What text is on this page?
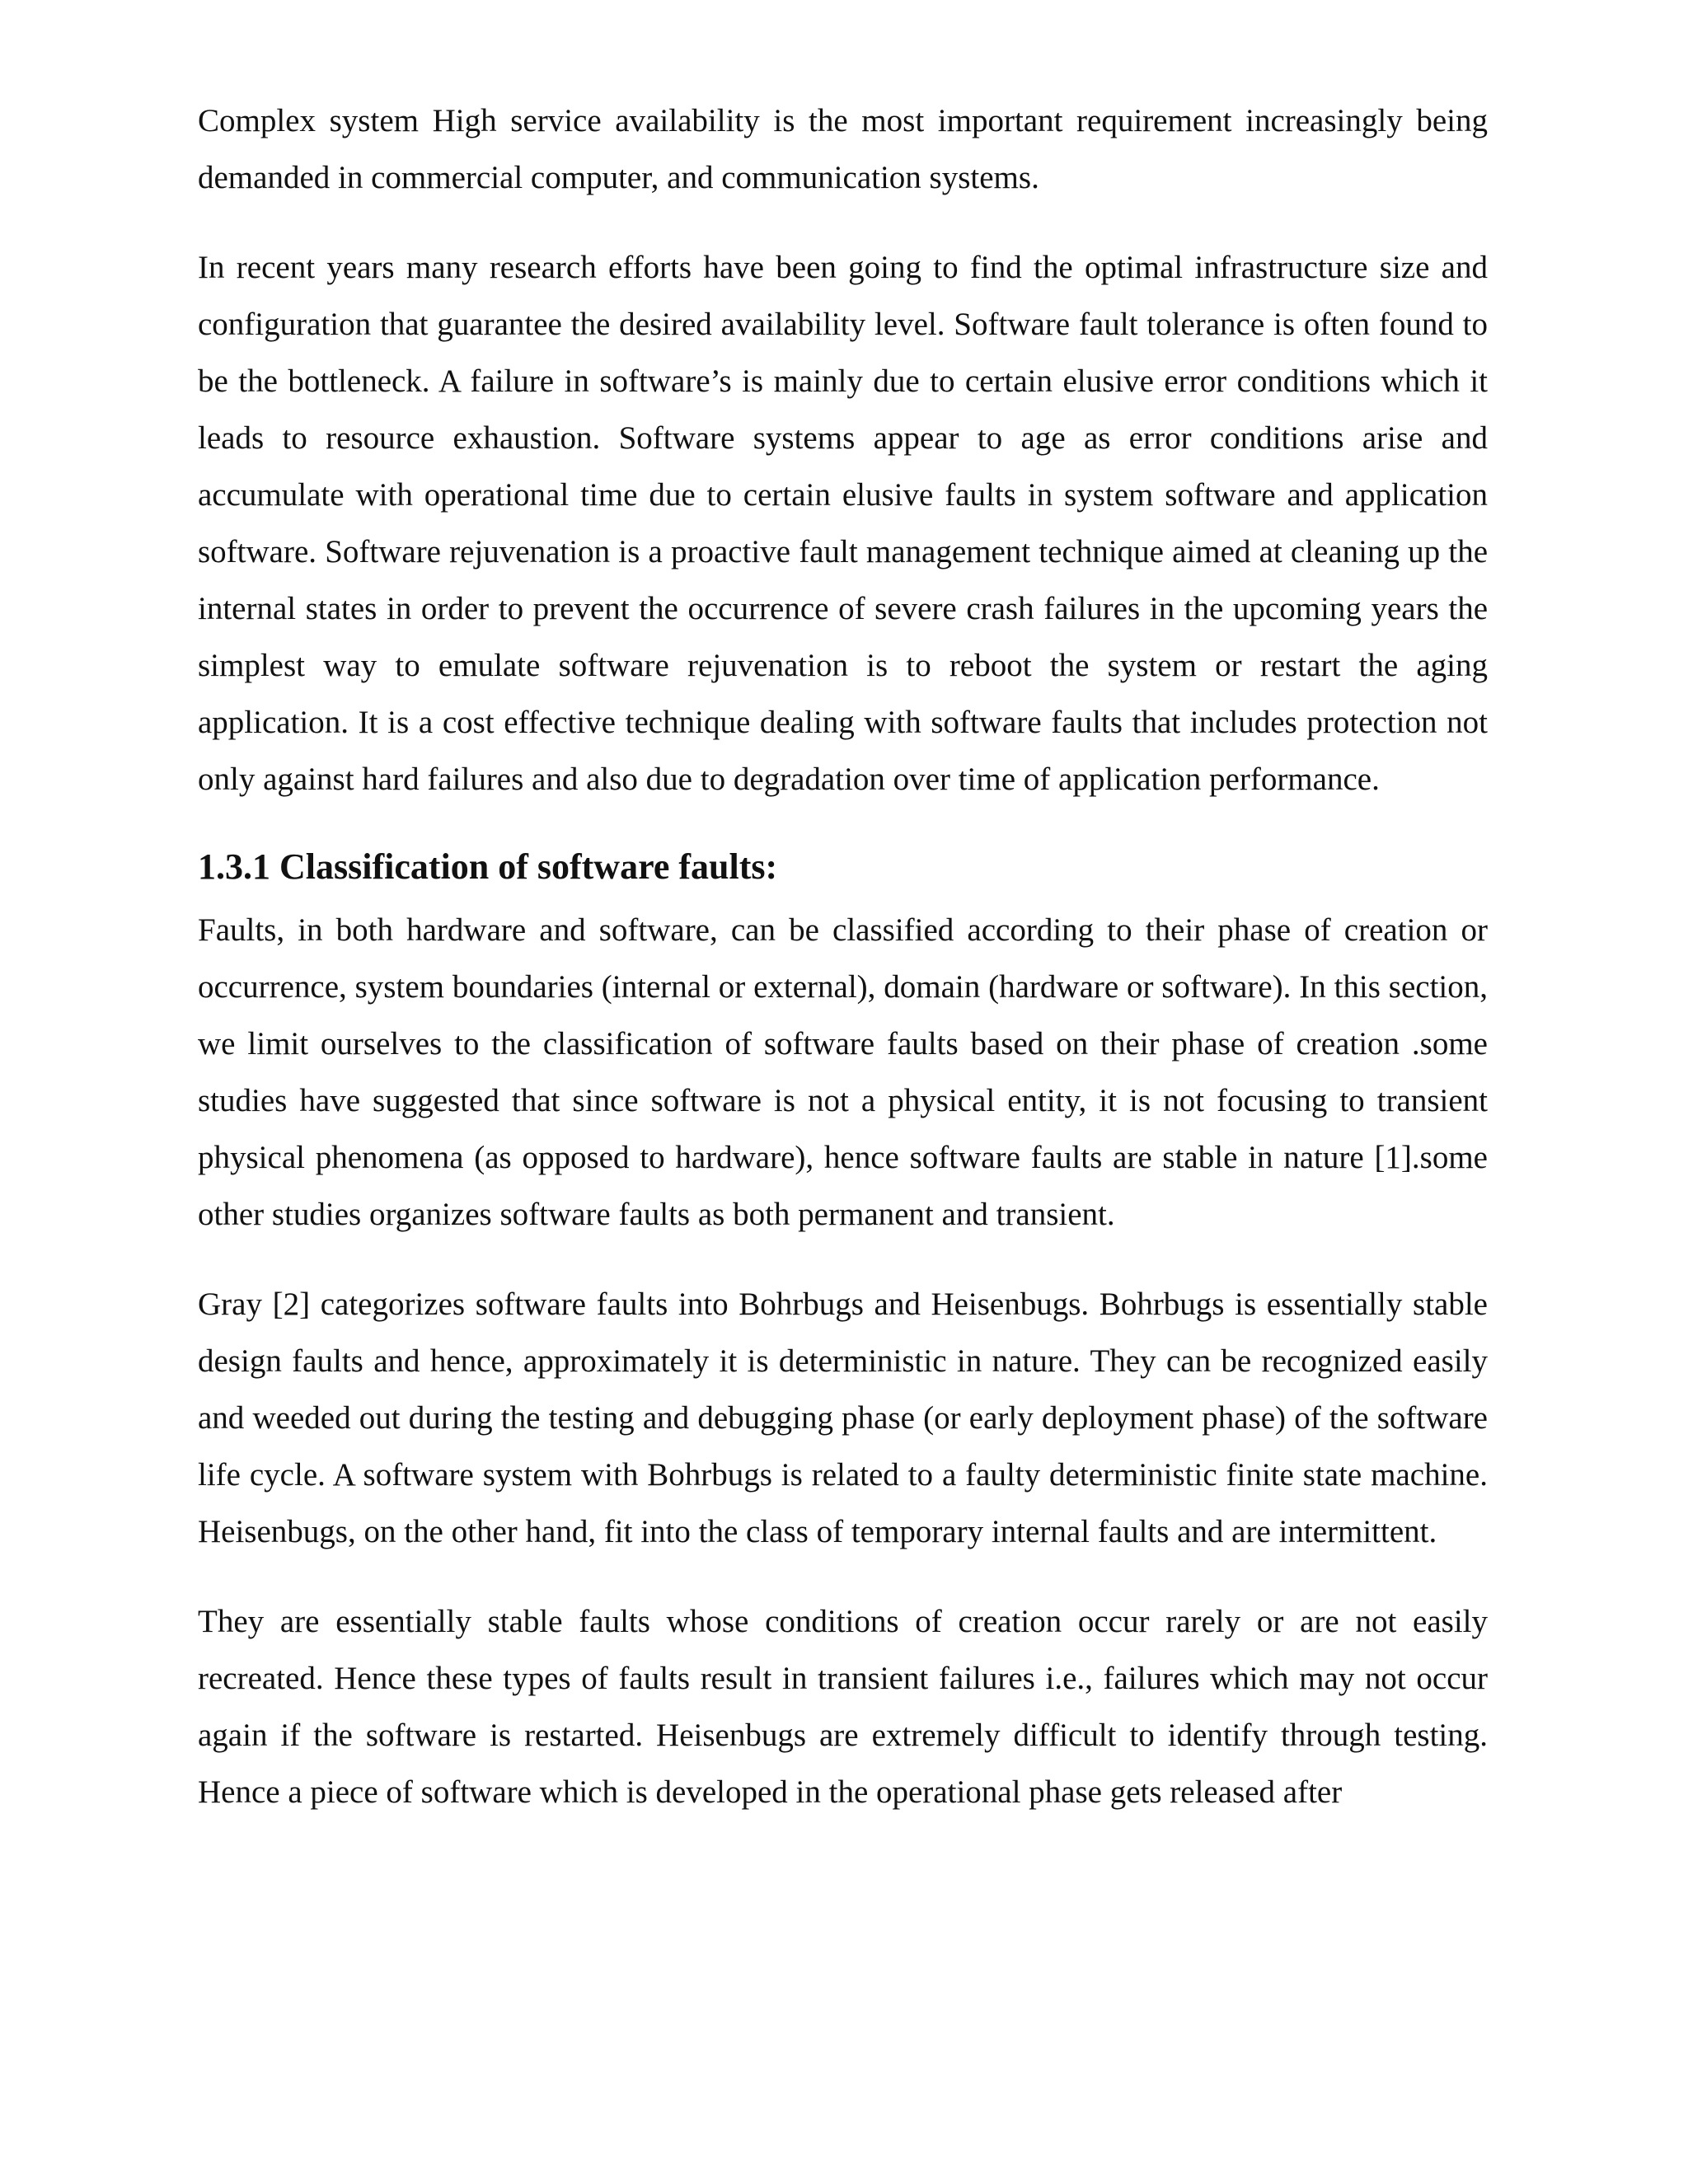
Complex system High service availability is the most important requirement increasingly being demanded in commercial computer, and communication systems.

In recent years many research efforts have been going to find the optimal infrastructure size and configuration that guarantee the desired availability level. Software fault tolerance is often found to be the bottleneck. A failure in software’s is mainly due to certain elusive error conditions which it leads to resource exhaustion. Software systems appear to age as error conditions arise and accumulate with operational time due to certain elusive faults in system software and application software. Software rejuvenation is a proactive fault management technique aimed at cleaning up the internal states in order to prevent the occurrence of severe crash failures in the upcoming years the simplest way to emulate software rejuvenation is to reboot the system or restart the aging application. It is a cost effective technique dealing with software faults that includes protection not only against hard failures and also due to degradation over time of application performance.

1.3.1 Classification of software faults:

Faults, in both hardware and software, can be classified according to their phase of creation or occurrence, system boundaries (internal or external), domain (hardware or software). In this section, we limit ourselves to the classification of software faults based on their phase of creation .some studies have suggested that since software is not a physical entity, it is not focusing to transient physical phenomena (as opposed to hardware), hence software faults are stable in nature [1].some other studies organizes software faults as both permanent and transient.

Gray [2] categorizes software faults into Bohrbugs and Heisenbugs. Bohrbugs is essentially stable design faults and hence, approximately it is deterministic in nature. They can be recognized easily and weeded out during the testing and debugging phase (or early deployment phase) of the software life cycle. A software system with Bohrbugs is related to a faulty deterministic finite state machine. Heisenbugs, on the other hand, fit into the class of temporary internal faults and are intermittent.

They are essentially stable faults whose conditions of creation occur rarely or are not easily recreated. Hence these types of faults result in transient failures i.e., failures which may not occur again if the software is restarted. Heisenbugs are extremely difficult to identify through testing. Hence a piece of software which is developed in the operational phase gets released after
